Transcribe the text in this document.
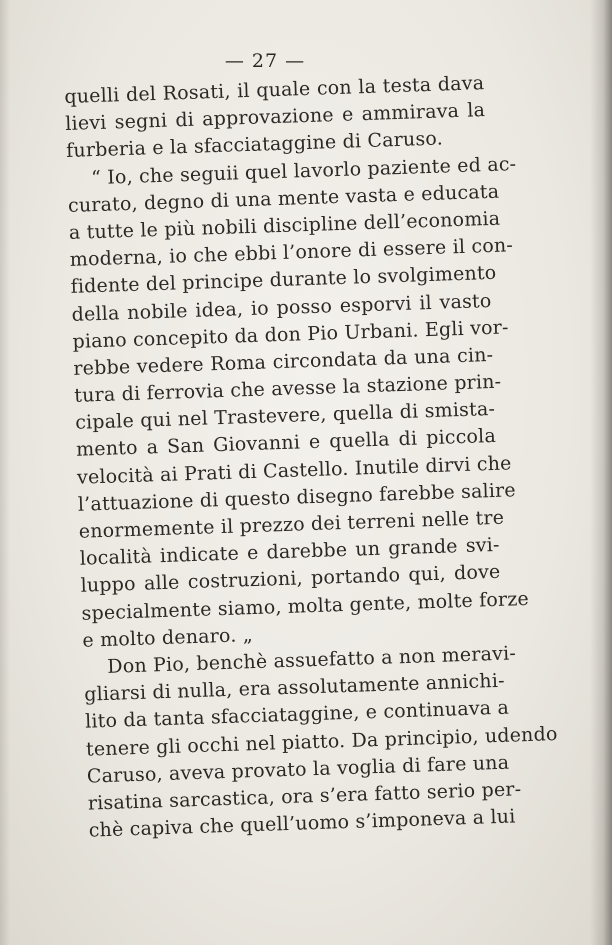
— 27 —
quelli del Rosati, il quale con la testa dava
lievi segni di approvazione e ammirava la
furberia e la sfacciataggine di Caruso.
“ Io, che seguii quel lavorlo paziente ed ac-
curato, degno di una mente vasta e educata
a tutte le più nobili discipline dell’economia
moderna, io che ebbi l’onore di essere il con-
fidente del principe durante lo svolgimento
della nobile idea, io posso esporvi il vasto
piano concepito da don Pio Urbani. Egli vor-
rebbe vedere Roma circondata da una cin-
tura di ferrovia che avesse la stazione prin-
cipale qui nel Trastevere, quella di smista-
mento a San Giovanni e quella di piccola
velocità ai Prati di Castello. Inutile dirvi che
l’attuazione di questo disegno farebbe salire
enormemente il prezzo dei terreni nelle tre
località indicate e darebbe un grande svi-
luppo alle costruzioni, portando qui, dove
specialmente siamo, molta gente, molte forze
e molto denaro. „
Don Pio, benchè assuefatto a non meravi-
gliarsi di nulla, era assolutamente annichi-
lito da tanta sfacciataggine, e continuava a
tenere gli occhi nel piatto. Da principio, udendo
Caruso, aveva provato la voglia di fare una
risatina sarcastica, ora s’era fatto serio per-
chè capiva che quell’uomo s’imponeva a lui
